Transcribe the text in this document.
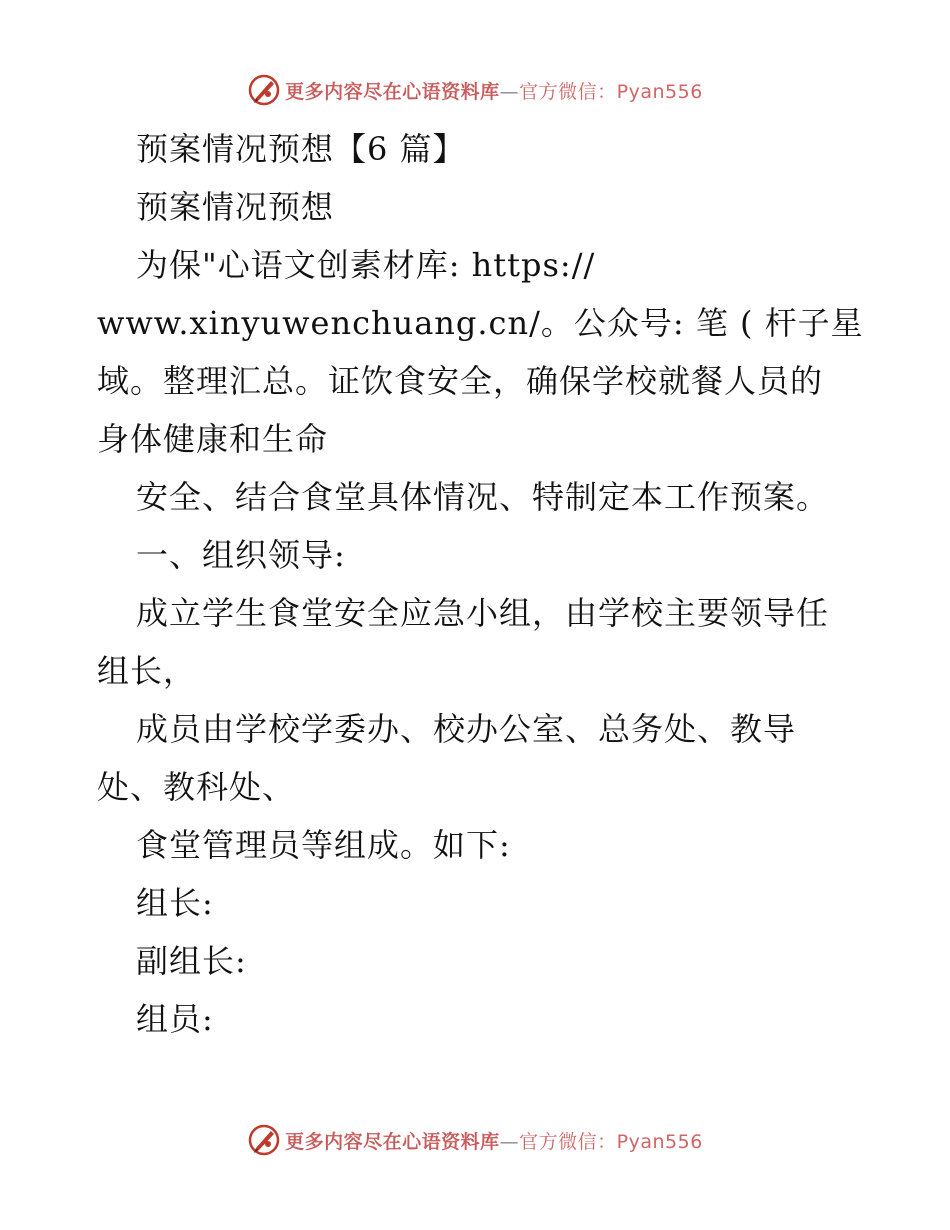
更多内容尽在心语资料库—官方微信：Pyan556
预案情况预想【6 篇】
预案情况预想
为保"心语文创素材库: https://
www.xinyuwenchuang.cn/。公众号: 笔 ( 杆子星
域。整理汇总。证饮食安全，确保学校就餐人员的
身体健康和生命
安全、结合食堂具体情况、特制定本工作预案。
一、组织领导:
成立学生食堂安全应急小组，由学校主要领导任
组长，
成员由学校学委办、校办公室、总务处、教导
处、教科处、
食堂管理员等组成。如下:
组长:
副组长:
组员:
更多内容尽在心语资料库—官方微信：Pyan556
